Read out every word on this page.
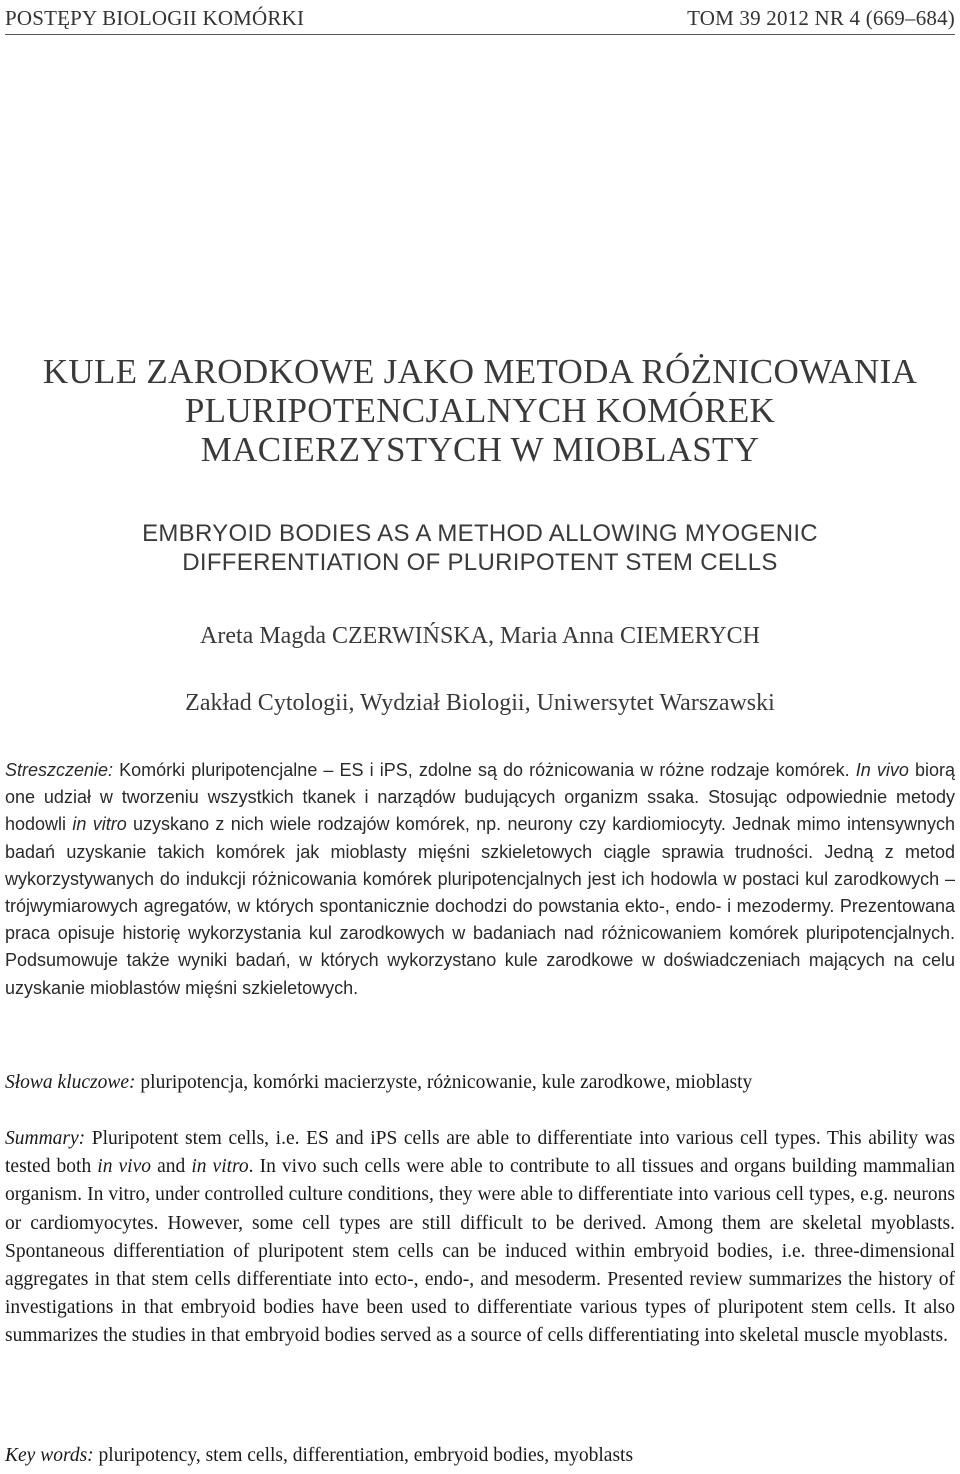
POSTĘPY BIOLOGII KOMÓRKI	TOM 39 2012 NR 4 (669–684)
KULE ZARODKOWE JAKO METODA RÓŻNICOWANIA
PLURIPOTENCJALNYCH KOMÓREK
MACIERZYSTYCH W MIOBLASTY
EMBRYOID BODIES AS A METHOD ALLOWING MYOGENIC
DIFFERENTIATION OF PLURIPOTENT STEM CELLS
Areta Magda CZERWIŃSKA, Maria Anna CIEMERYCH
Zakład Cytologii, Wydział Biologii, Uniwersytet Warszawski

Streszczenie: Komórki pluripotencjalne – ES i iPS, zdolne są do różnicowania w różne rodzaje komórek. In vivo biorą one udział w tworzeniu wszystkich tkanek i narządów budujących organizm ssaka. Stosując odpowiednie metody hodowli in vitro uzyskano z nich wiele rodzajów komórek, np. neurony czy kardiomiocyty. Jednak mimo intensywnych badań uzyskanie takich komórek jak mioblasty mięśni szkieletowych ciągle sprawia trudności. Jedną z metod wykorzystywanych do indukcji różnicowania komórek pluripotencjalnych jest ich hodowla w postaci kul zarodkowych – trójwymiarowych agregatów, w których spontanicznie dochodzi do powstania ekto-, endo- i mezodermy. Prezentowana praca opisuje historię wykorzystania kul zarodkowych w badaniach nad różnicowaniem komórek pluripotencjalnych. Podsumowuje także wyniki badań, w których wykorzystano kule zarodkowe w doświadczeniach mających na celu uzyskanie mioblastów mięśni szkieletowych.

Słowa kluczowe: pluripotencja, komórki macierzyste, różnicowanie, kule zarodkowe, mioblasty

Summary: Pluripotent stem cells, i.e. ES and iPS cells are able to differentiate into various cell types. This ability was tested both in vivo and in vitro. In vivo such cells were able to contribute to all tissues and organs building mammalian organism. In vitro, under controlled culture conditions, they were able to differentiate into various cell types, e.g. neurons or cardiomyocytes. However, some cell types are still difficult to be derived. Among them are skeletal myoblasts. Spontaneous differentiation of pluripotent stem cells can be induced within embryoid bodies, i.e. three-dimensional aggregates in that stem cells differentiate into ecto-, endo-, and mesoderm. Presented review summarizes the history of investigations in that embryoid bodies have been used to differentiate various types of pluripotent stem cells. It also summarizes the studies in that embryoid bodies served as a source of cells differentiating into skeletal muscle myoblasts.

Key words: pluripotency, stem cells, differentiation, embryoid bodies, myoblasts
